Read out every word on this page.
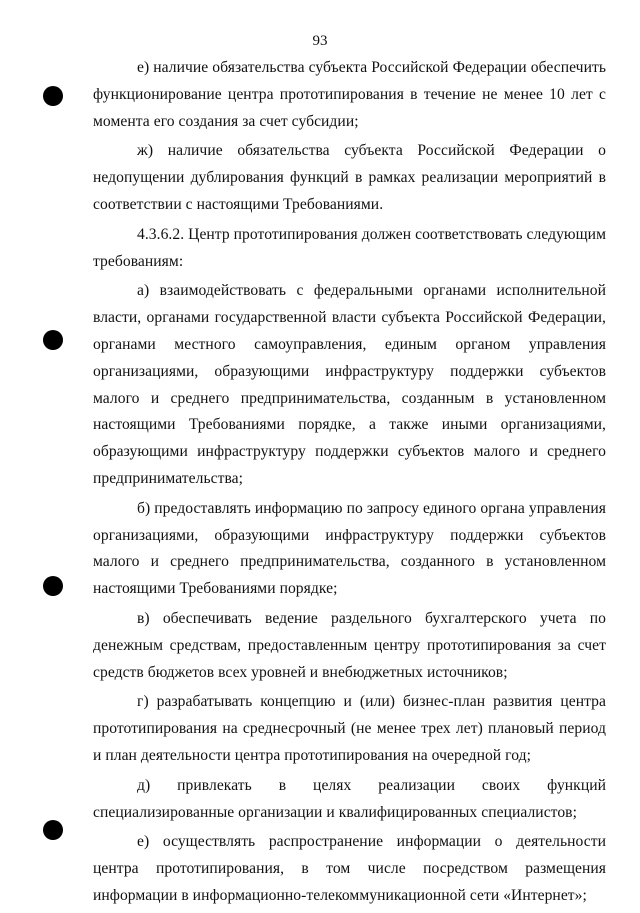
93

е) наличие обязательства субъекта Российской Федерации обеспечить функционирование центра прототипирования в течение не менее 10 лет с момента его создания за счет субсидии;

ж) наличие обязательства субъекта Российской Федерации о недопущении дублирования функций в рамках реализации мероприятий в соответствии с настоящими Требованиями.

4.3.6.2. Центр прототипирования должен соответствовать следующим требованиям:

а) взаимодействовать с федеральными органами исполнительной власти, органами государственной власти субъекта Российской Федерации, органами местного самоуправления, единым органом управления организациями, образующими инфраструктуру поддержки субъектов малого и среднего предпринимательства, созданным в установленном настоящими Требованиями порядке, а также иными организациями, образующими инфраструктуру поддержки субъектов малого и среднего предпринимательства;

б) предоставлять информацию по запросу единого органа управления организациями, образующими инфраструктуру поддержки субъектов малого и среднего предпринимательства, созданного в установленном настоящими Требованиями порядке;

в) обеспечивать ведение раздельного бухгалтерского учета по денежным средствам, предоставленным центру прототипирования за счет средств бюджетов всех уровней и внебюджетных источников;

г) разрабатывать концепцию и (или) бизнес-план развития центра прототипирования на среднесрочный (не менее трех лет) плановый период и план деятельности центра прототипирования на очередной год;

д) привлекать в целях реализации своих функций специализированные организации и квалифицированных специалистов;

е) осуществлять распространение информации о деятельности центра прототипирования, в том числе посредством размещения информации в информационно-телекоммуникационной сети «Интернет»;
